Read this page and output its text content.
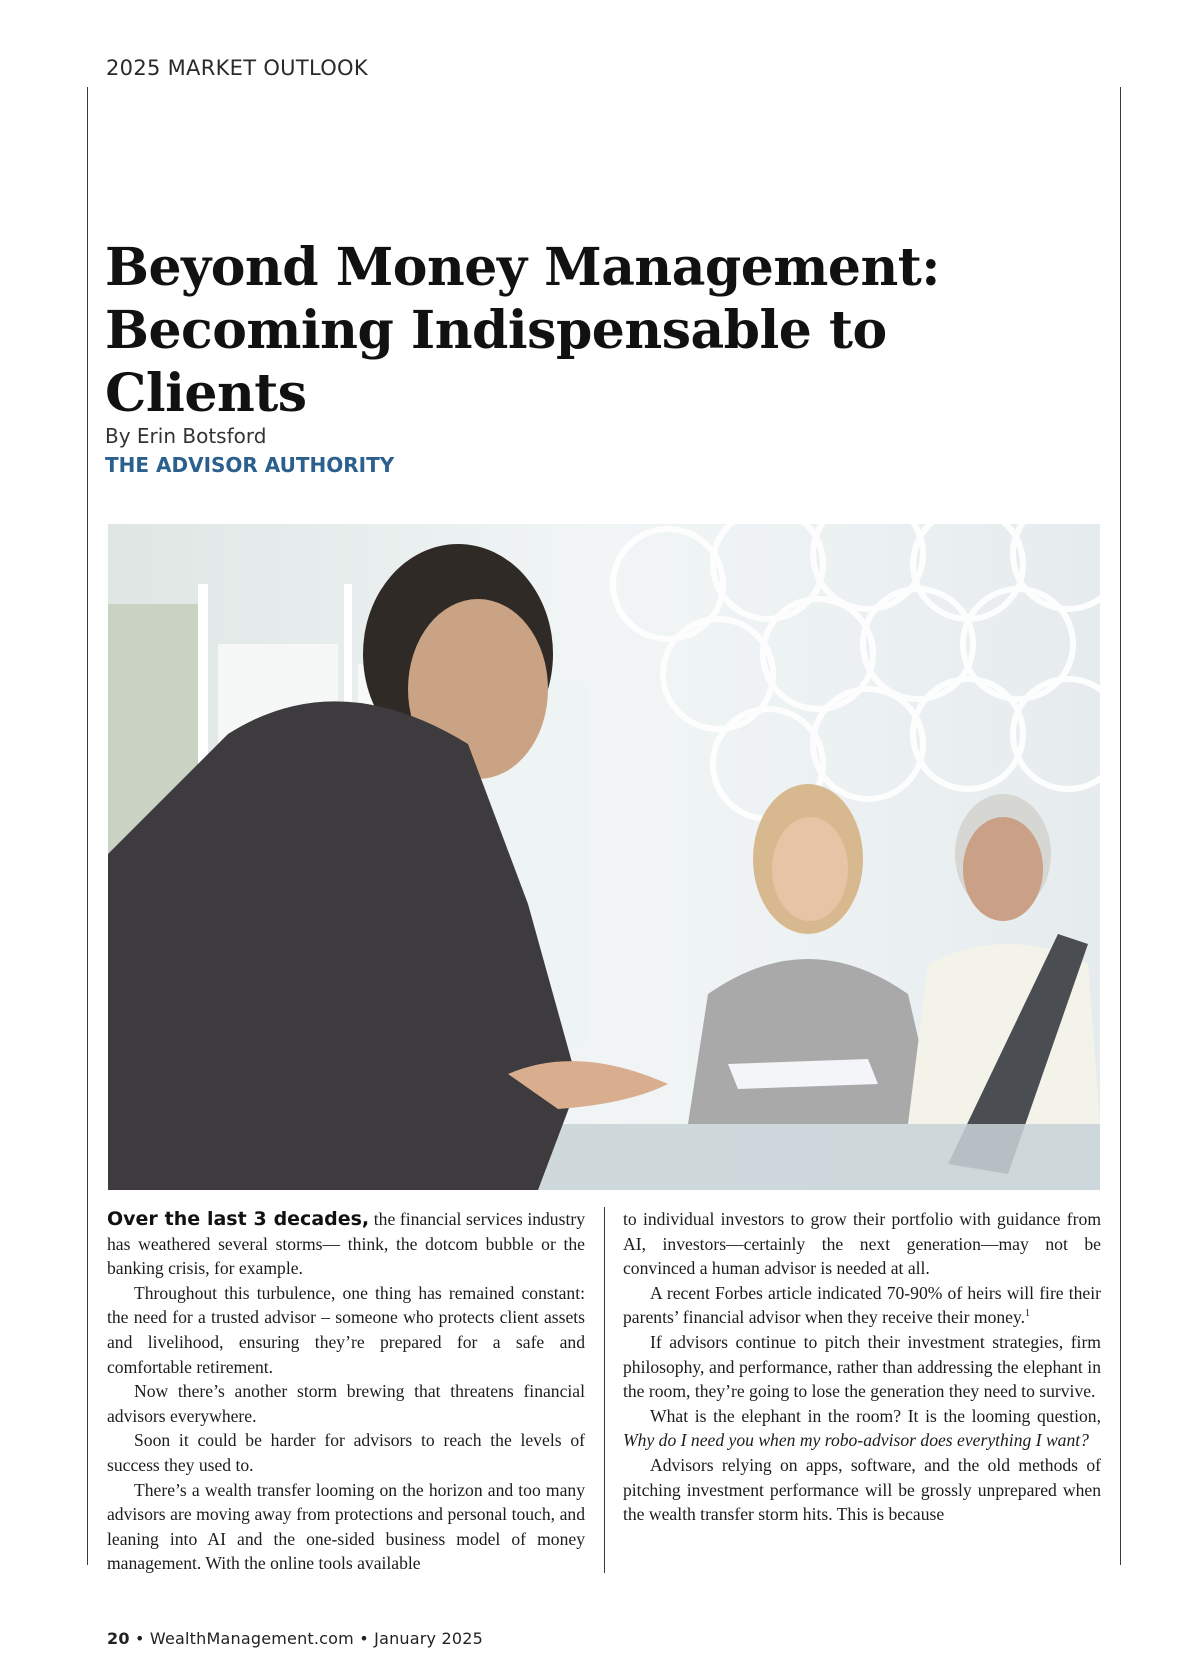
2025 MARKET OUTLOOK
Beyond Money Management:
Becoming Indispensable to Clients
By Erin Botsford
THE ADVISOR AUTHORITY

Over the last 3 decades, the financial services industry has weathered several storms— think, the dotcom bubble or the banking crisis, for example.

Throughout this turbulence, one thing has remained constant: the need for a trusted advisor – someone who protects client assets and livelihood, ensuring they’re prepared for a safe and comfortable retirement.

Now there’s another storm brewing that threatens financial advisors everywhere.

Soon it could be harder for advisors to reach the levels of success they used to.

There’s a wealth transfer looming on the horizon and too many advisors are moving away from protections and personal touch, and leaning into AI and the one-sided business model of money management. With the online tools available

to individual investors to grow their portfolio with guidance from AI, investors—certainly the next generation—may not be convinced a human advisor is needed at all.

A recent Forbes article indicated 70-90% of heirs will fire their parents’ financial advisor when they receive their money.$^1$

If advisors continue to pitch their investment strategies, firm philosophy, and performance, rather than addressing the elephant in the room, they’re going to lose the generation they need to survive.

What is the elephant in the room? It is the looming question, Why do I need you when my robo-advisor does everything I want?

Advisors relying on apps, software, and the old methods of pitching investment performance will be grossly unprepared when the wealth transfer storm hits. This is because

20 • WealthManagement.com • January 2025
